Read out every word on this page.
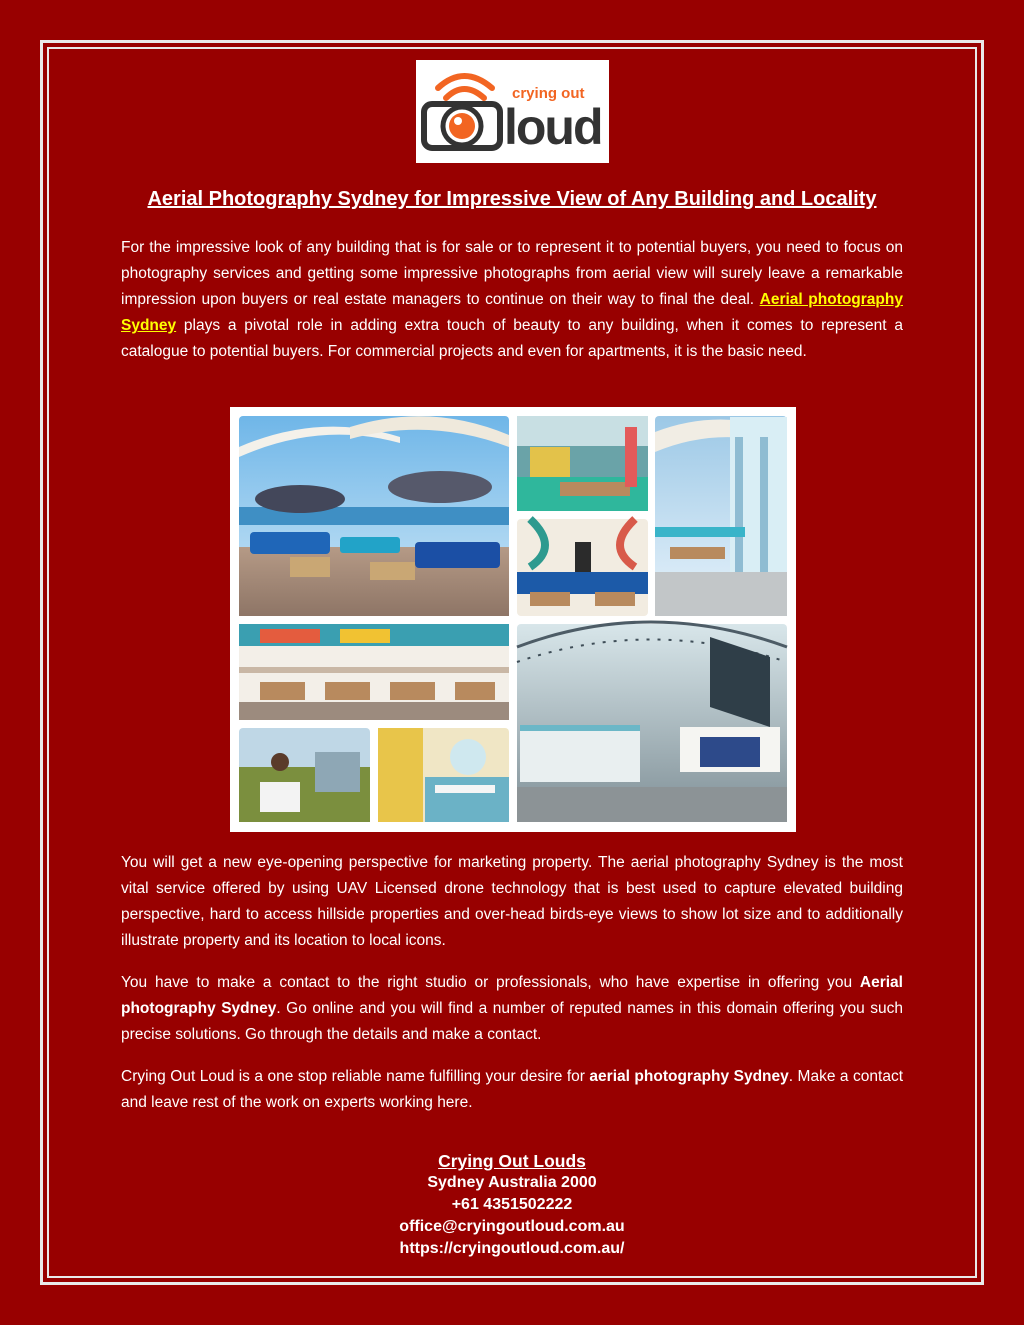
crying out
loud
Aerial Photography Sydney for Impressive View of Any Building and Locality
For the impressive look of any building that is for sale or to represent it to potential buyers, you need to focus on photography services and getting some impressive photographs from aerial view will surely leave a remarkable impression upon buyers or real estate managers to continue on their way to final the deal. Aerial photography Sydney plays a pivotal role in adding extra touch of beauty to any building, when it comes to represent a catalogue to potential buyers. For commercial projects and even for apartments, it is the basic need.
You will get a new eye-opening perspective for marketing property. The aerial photography Sydney is the most vital service offered by using UAV Licensed drone technology that is best used to capture elevated building perspective, hard to access hillside properties and over-head birds-eye views to show lot size and to additionally illustrate property and its location to local icons.
You have to make a contact to the right studio or professionals, who have expertise in offering you Aerial photography Sydney. Go online and you will find a number of reputed names in this domain offering you such precise solutions. Go through the details and make a contact.
Crying Out Loud is a one stop reliable name fulfilling your desire for aerial photography Sydney. Make a contact and leave rest of the work on experts working here.
Crying Out Louds
Sydney Australia 2000
+61 4351502222
office@cryingoutloud.com.au
https://cryingoutloud.com.au/
